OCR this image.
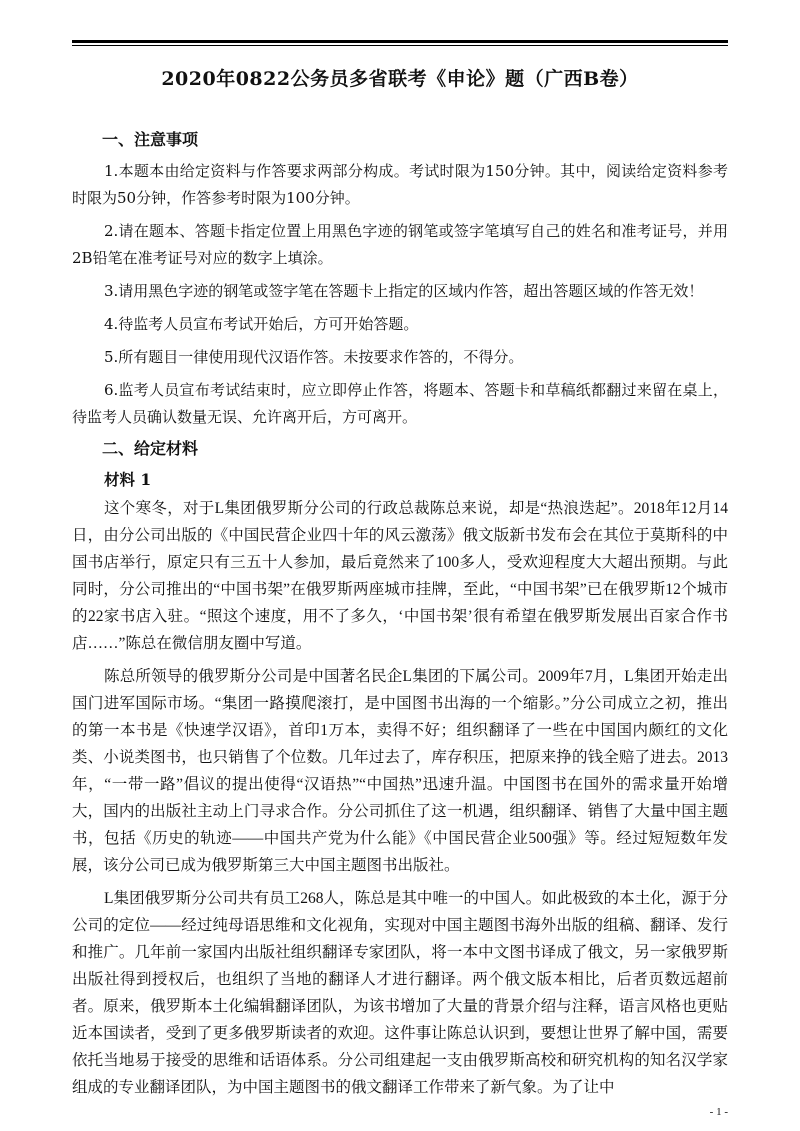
2020年0822公务员多省联考《申论》题（广西B卷）
一、注意事项

1.本题本由给定资料与作答要求两部分构成。考试时限为150分钟。其中，阅读给定资料参考时限为50分钟，作答参考时限为100分钟。

2.请在题本、答题卡指定位置上用黑色字迹的钢笔或签字笔填写自己的姓名和准考证号，并用2B铅笔在准考证号对应的数字上填涂。

3.请用黑色字迹的钢笔或签字笔在答题卡上指定的区域内作答，超出答题区域的作答无效！

4.待监考人员宣布考试开始后，方可开始答题。

5.所有题目一律使用现代汉语作答。未按要求作答的，不得分。

6.监考人员宣布考试结束时，应立即停止作答，将题本、答题卡和草稿纸都翻过来留在桌上，待监考人员确认数量无误、允许离开后，方可离开。

二、给定材料
材料 1

这个寒冬，对于L集团俄罗斯分公司的行政总裁陈总来说，却是“热浪迭起”。2018年12月14日，由分公司出版的《中国民营企业四十年的风云激荡》俄文版新书发布会在其位于莫斯科的中国书店举行，原定只有三五十人参加，最后竟然来了100多人，受欢迎程度大大超出预期。与此同时，分公司推出的“中国书架”在俄罗斯两座城市挂牌，至此，“中国书架”已在俄罗斯12个城市的22家书店入驻。“照这个速度，用不了多久，‘中国书架’很有希望在俄罗斯发展出百家合作书店……”陈总在微信朋友圈中写道。

陈总所领导的俄罗斯分公司是中国著名民企L集团的下属公司。2009年7月，L集团开始走出国门进军国际市场。“集团一路摸爬滚打，是中国图书出海的一个缩影。”分公司成立之初，推出的第一本书是《快速学汉语》，首印1万本，卖得不好；组织翻译了一些在中国国内颇红的文化类、小说类图书，也只销售了个位数。几年过去了，库存积压，把原来挣的钱全赔了进去。2013年，“一带一路”倡议的提出使得“汉语热”“中国热”迅速升温。中国图书在国外的需求量开始增大，国内的出版社主动上门寻求合作。分公司抓住了这一机遇，组织翻译、销售了大量中国主题书，包括《历史的轨迹——中国共产党为什么能》《中国民营企业500强》等。经过短短数年发展，该分公司已成为俄罗斯第三大中国主题图书出版社。

L集团俄罗斯分公司共有员工268人，陈总是其中唯一的中国人。如此极致的本土化，源于分公司的定位——经过纯母语思维和文化视角，实现对中国主题图书海外出版的组稿、翻译、发行和推广。几年前一家国内出版社组织翻译专家团队，将一本中文图书译成了俄文，另一家俄罗斯出版社得到授权后，也组织了当地的翻译人才进行翻译。两个俄文版本相比，后者页数远超前者。原来，俄罗斯本土化编辑翻译团队，为该书增加了大量的背景介绍与注释，语言风格也更贴近本国读者，受到了更多俄罗斯读者的欢迎。这件事让陈总认识到，要想让世界了解中国，需要依托当地易于接受的思维和话语体系。分公司组建起一支由俄罗斯高校和研究机构的知名汉学家组成的专业翻译团队，为中国主题图书的俄文翻译工作带来了新气象。为了让中

- 1 -
